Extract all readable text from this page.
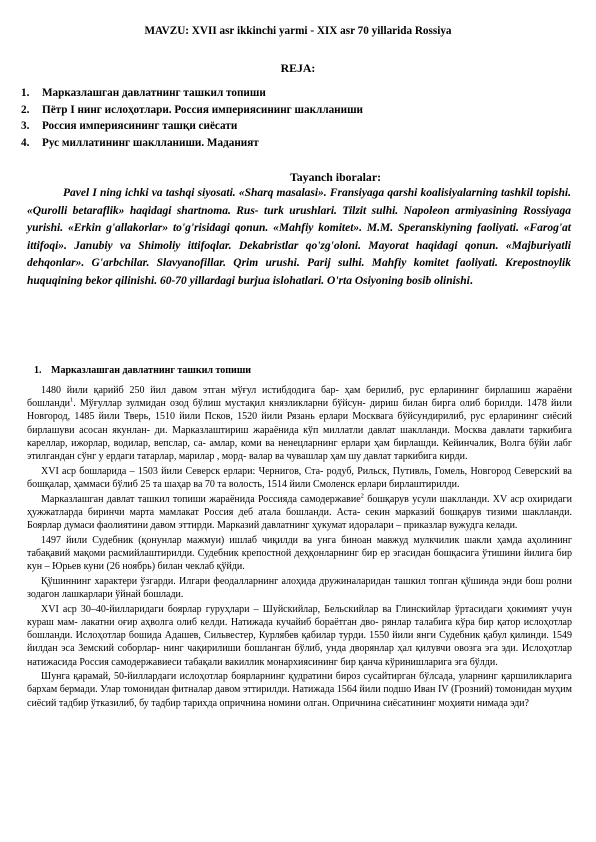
MAVZU: XVII asr ikkinchi yarmi - XIX asr 70 yillarida Rossiya
REJA:
1. Марказлашган давлатнинг ташкил топиши
2. Пётр I нинг ислоҳотлари. Россия империясининг шаклланиши
3. Россия империясининг ташқи сиёсати
4. Рус миллатининг шаклланиши. Маданият
Tayanch iboralar:

Pavel I ning ichki va tashqi siyosati. «Sharq masalasi». Fransiyaga qarshi koalisiyalarning tashkil topishi. «Qurolli betaraflik» haqidagi shartnoma. Rus- turk urushlari. Tilzit sulhi. Napoleon armiyasining Rossiyaga yurishi. «Erkin g'allakorlar» to'g'risidagi qonun. «Mahfiy komitet». M.M. Speranskiyning faoliyati. «Farog'at ittifoqi». Janubiy va Shimoliy ittifoqlar. Dekabristlar qo'zg'oloni. Mayorat haqidagi qonun. «Majburiyatli dehqonlar». G'arbchilar. Slavyanofillar. Qrim urushi. Parij sulhi. Mahfiy komitet faoliyati. Krepostnoylik huquqining bekor qilinishi. 60-70 yillardagi burjua islohatlari. O'rta Osiyoning bosib olinishi.

1. Марказлашган давлатнинг ташкил топиши

1480 йили қарийб 250 йил давом этган мўғул истибдодига бар- ҳам берилиб, рус ерларининг бирлашиш жараёни бошланди$^1$. Мўғуллар зулмидан озод бўлиш мустақил князликларни бўйсун- дириш билан бирга олиб борилди. 1478 йили Новгород, 1485 йили Тверь, 1510 йили Псков, 1520 йили Рязань ерлари Москвага бўйсундирилиб, рус ерларининг сиёсий бирлашуви асосан якунлан- ди. Марказлаштириш жараёнида кўп миллатли давлат шаклланди. Москва давлати таркибига кареллар, ижорлар, водилар, вепслар, са- амлар, коми ва ненецларнинг ерлари ҳам бирлашди. Кейинчалик, Волга бўйи лабг этилгандан сўнг у ердаги татарлар, марилар , морд- валар ва чувашлар ҳам шу давлат таркибига кирди.

XVI аср бошларида – 1503 йили Северск ерлари: Чернигов, Ста- родуб, Рильск, Путивль, Гомель, Новгород Северский ва бошқалар, ҳаммаси бўлиб 25 та шаҳар ва 70 та волость, 1514 йили Смоленск ерлари бирлаштирилди.

Марказлашган давлат ташкил топиши жараёнида Россияда самодержавие$^2$ бошқарув усули шаклланди. XV аср охиридаги ҳужжатларда биринчи марта мамлакат Россия деб атала бошланди. Аста- секин марказий бошқарув тизими шаклланди. Боярлар думаси фаолиятини давом эттирди. Марказий давлатнинг ҳукумат идоралари – приказлар вужудга келади.

1497 йили Судебник (қонунлар мажмуи) ишлаб чиқилди ва унга биноан мавжуд мулкчилик шакли ҳамда аҳолининг табақавий мақоми расмийлаштирилди. Судебник крепостной деҳқонларнинг бир ер эгасидан бошқасига ўтишини йилига бир кун – Юрьев куни (26 ноябрь) билан чеклаб қўйди.

Қўшиннинг характери ўзгарди. Илгари феодалларнинг алоҳида дружиналаридан ташкил топган қўшинда энди бош ролни зодагон лашкарлари ўйнай бошлади.

XVI аср 30–40-йилларидаги боярлар гуруҳлари – Шуйскийлар, Бельскийлар ва Глинскийлар ўртасидаги ҳокимият учун кураш мам- лакатни оғир аҳволга олиб келди. Натижада кучайиб бораётган дво- рянлар талабига кўра бир қатор ислоҳотлар бошланди. Ислоҳотлар бошида Адашев, Сильвестер, Курлябев қабилар турди. 1550 йили янги Судебник қабул қилинди. 1549 йилдан эса Земский соборлар- нинг чақирилиши бошланган бўлиб, унда дворянлар ҳал қилувчи овозга эга эди. Ислоҳотлар натижасида Россия самодержавиеси табақали вакиллик монархиясининг бир қанча кўринишларига эга бўлди.

Шунга қарамай, 50-йиллардаги ислоҳотлар боярларнинг қудратини бироз сусайтирган бўлсада, уларнинг қаршиликларига бархам бермади. Улар томонидан фитналар давом эттирилди. Натижада 1564 йили подшо Иван IV (Грозний) томонидан муҳим сиёсий тадбир ўтказилиб, бу тадбир тарихда опричнина номини олган. Опричнина сиёсатининг моҳияти нимада эди?
